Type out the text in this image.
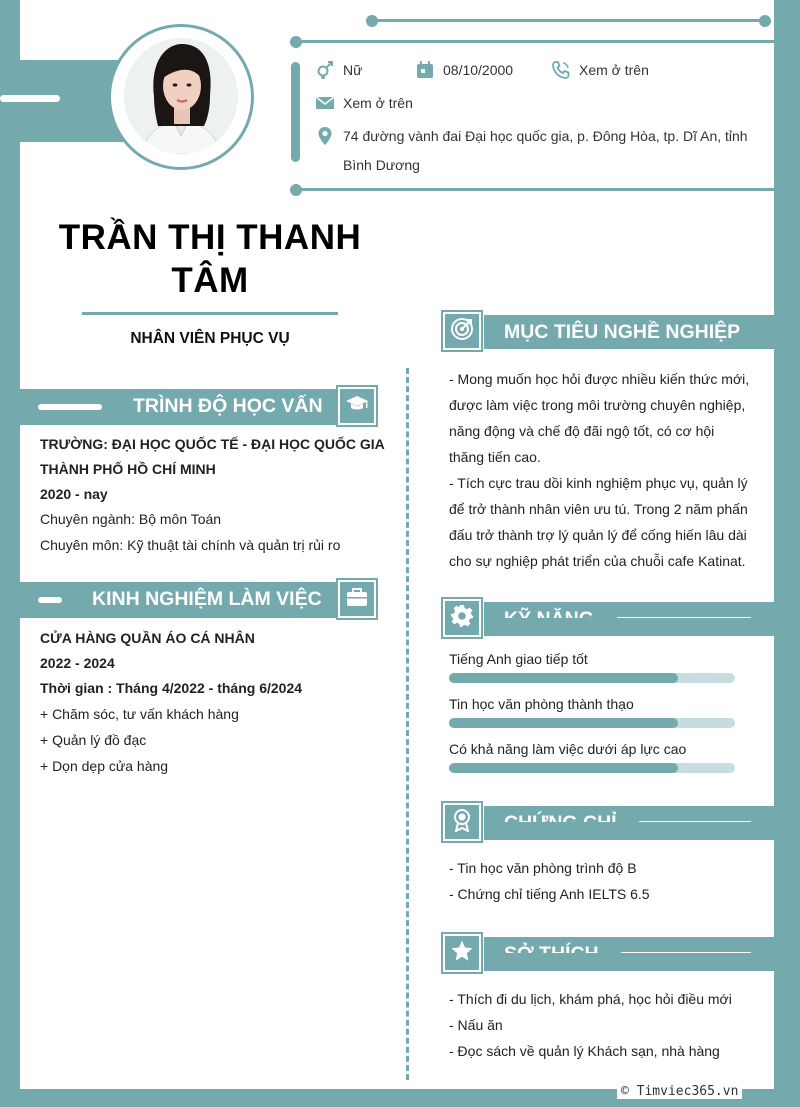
Nữ	08/10/2000	Xem ở trên
Xem ở trên
74 đường vành đai Đại học quốc gia, p. Đông Hòa, tp. Dĩ An, tỉnh
Bình Dương
TRẦN THỊ THANH
TÂM
NHÂN VIÊN PHỤC VỤ
TRÌNH ĐỘ HỌC VẤN
TRƯỜNG: ĐẠI HỌC QUỐC TẾ - ĐẠI HỌC QUỐC GIA
THÀNH PHỐ HỒ CHÍ MINH
2020 - nay
Chuyên ngành: Bộ môn Toán
Chuyên môn: Kỹ thuật tài chính và quản trị rủi ro
KINH NGHIỆM LÀM VIỆC
CỬA HÀNG QUẦN ÁO CÁ NHÂN
2022 - 2024
Thời gian : Tháng 4/2022 - tháng 6/2024
+ Chăm sóc, tư vấn khách hàng
+ Quản lý đồ đạc
+ Dọn dẹp cửa hàng
MỤC TIÊU NGHỀ NGHIỆP
- Mong muốn học hỏi được nhiều kiến thức mới,
được làm việc trong môi trường chuyên nghiệp,
năng động và chế độ đãi ngộ tốt, có cơ hội
thăng tiến cao.
- Tích cực trau dồi kinh nghiệm phục vụ, quản lý
để trở thành nhân viên ưu tú. Trong 2 năm phấn
đấu trở thành trợ lý quản lý để cống hiến lâu dài
cho sự nghiệp phát triển của chuỗi cafe Katinat.
Tiếng Anh giao tiếp tốt
Tin học văn phòng thành thạo
Có khả năng làm việc dưới áp lực cao
- Tin học văn phòng trình độ B
- Chứng chỉ tiếng Anh IELTS 6.5
- Thích đi du lịch, khám phá, học hỏi điều mới
- Nấu ăn
- Đọc sách về quản lý Khách sạn, nhà hàng
© Timviec365.vn
